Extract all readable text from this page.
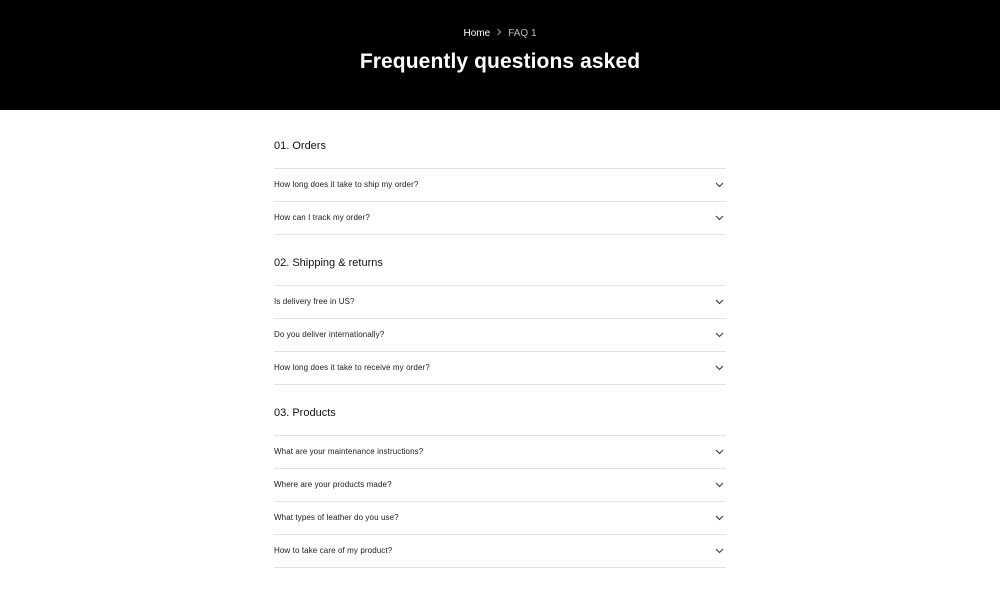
Home FAQ 1
Frequently questions asked
01. Orders
How long does it take to ship my order?
How can I track my order?
02. Shipping & returns
Is delivery free in US?
Do you deliver internationally?
How long does it take to receive my order?
03. Products
What are your maintenance instructions?
Where are your products made?
What types of leather do you use?
How to take care of my product?
